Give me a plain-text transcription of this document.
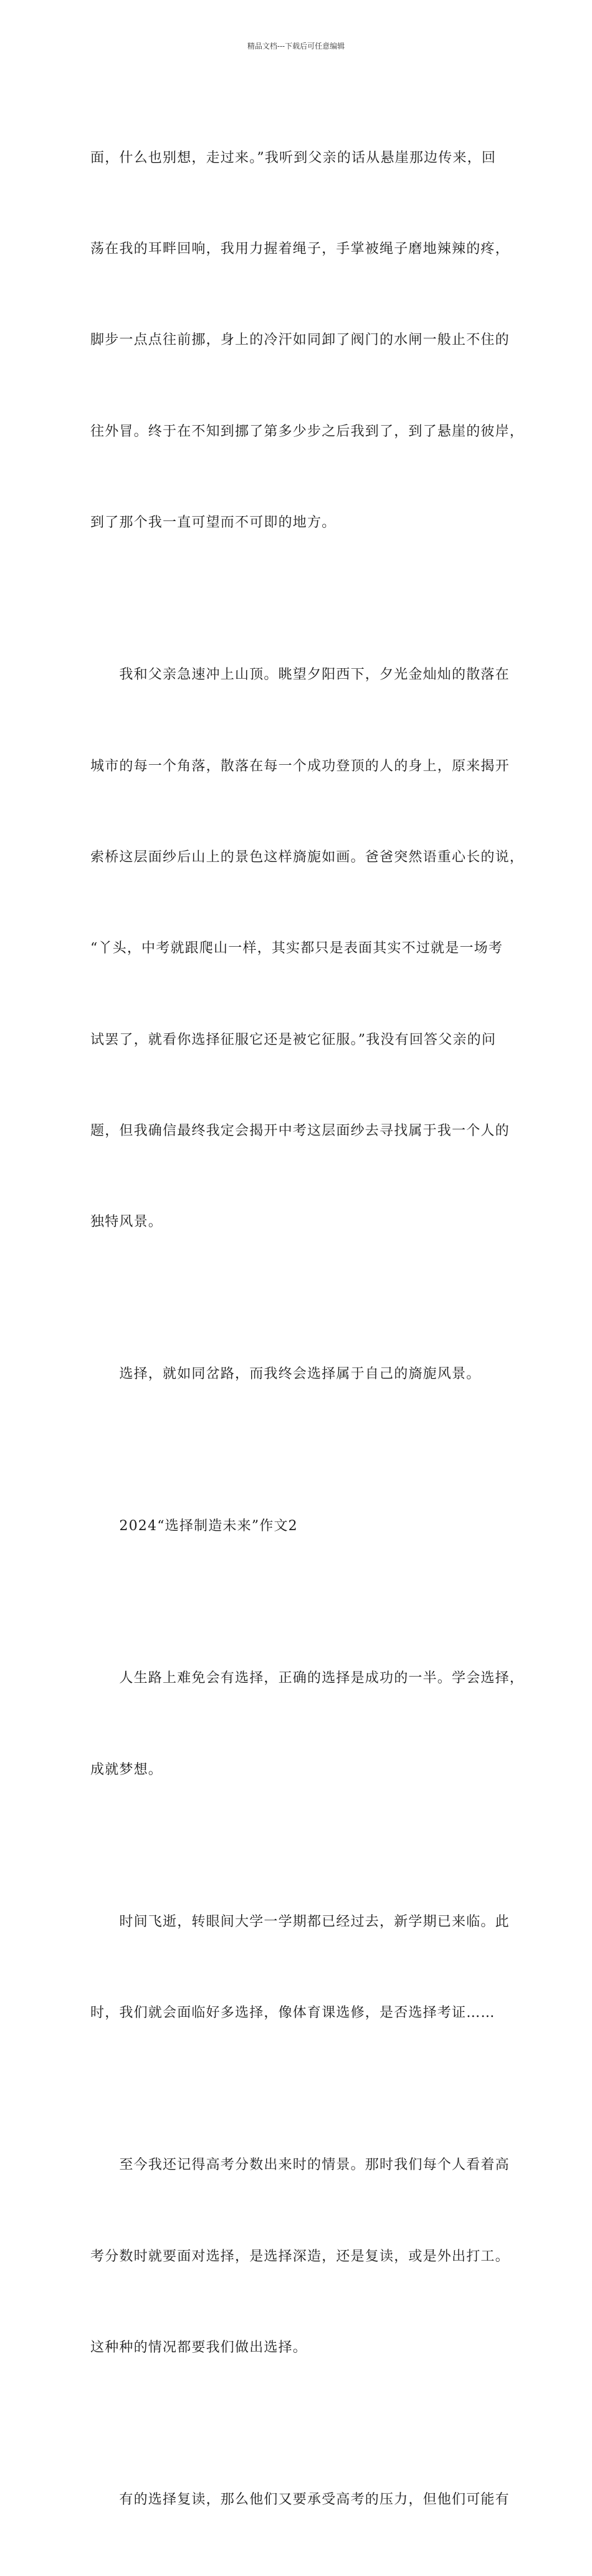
精品文档---下载后可任意编辑

面，什么也别想，走过来。”我听到父亲的话从悬崖那边传来，回

荡在我的耳畔回响，我用力握着绳子，手掌被绳子磨地辣辣的疼，

脚步一点点往前挪，身上的冷汗如同卸了阀门的水闸一般止不住的

往外冒。终于在不知到挪了第多少步之后我到了，到了悬崖的彼岸，

到了那个我一直可望而不可即的地方。

　　我和父亲急速冲上山顶。眺望夕阳西下，夕光金灿灿的散落在

城市的每一个角落，散落在每一个成功登顶的人的身上，原来揭开

索桥这层面纱后山上的景色这样旖旎如画。爸爸突然语重心长的说，

“丫头，中考就跟爬山一样，其实都只是表面其实不过就是一场考

试罢了，就看你选择征服它还是被它征服。”我没有回答父亲的问

题，但我确信最终我定会揭开中考这层面纱去寻找属于我一个人的

独特风景。

　　选择，就如同岔路，而我终会选择属于自己的旖旎风景。

　　2024“选择制造未来”作文2

　　人生路上难免会有选择，正确的选择是成功的一半。学会选择，

成就梦想。

　　时间飞逝，转眼间大学一学期都已经过去，新学期已来临。此

时，我们就会面临好多选择，像体育课选修，是否选择考证……

　　至今我还记得高考分数出来时的情景。那时我们每个人看着高

考分数时就要面对选择，是选择深造，还是复读，或是外出打工。

这种种的情况都要我们做出选择。

　　有的选择复读，那么他们又要承受高考的压力，但他们可能有
